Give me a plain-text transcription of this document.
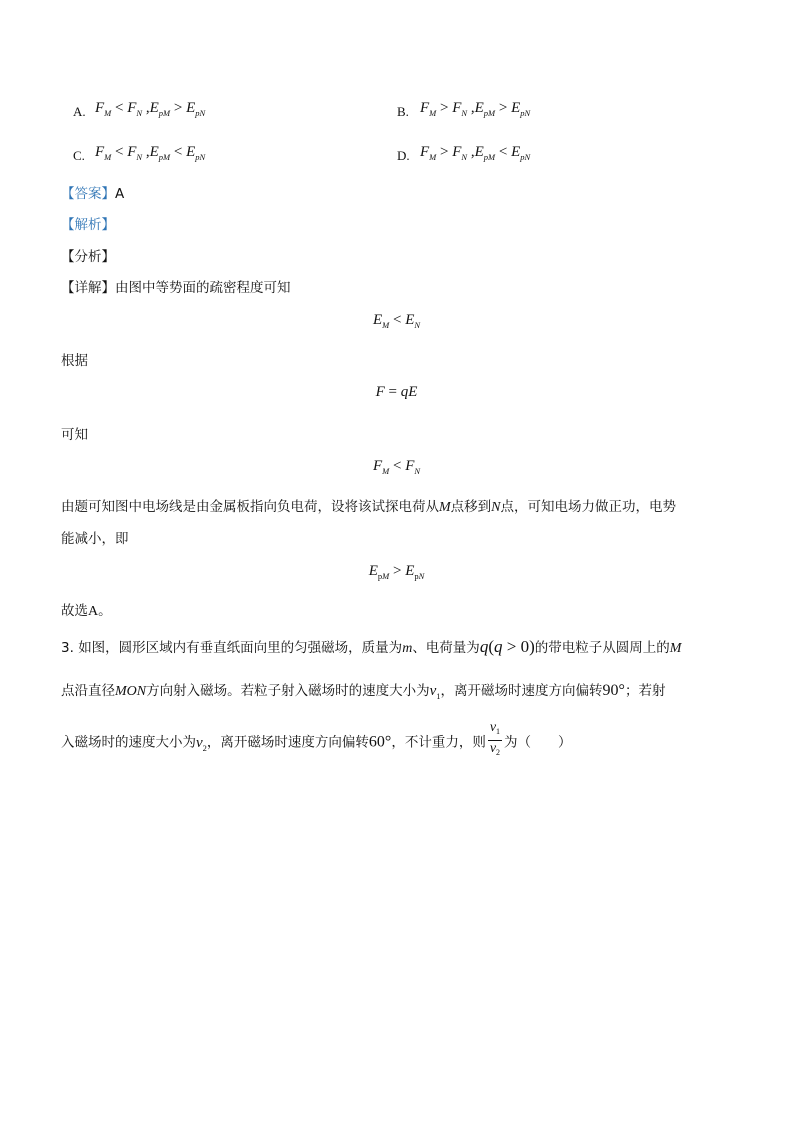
A. $F_M < F_N$ $,E_{pM} > E_{pN}$	B. $F_M > F_N$ $,E_{pM} > E_{pN}$
C. $F_M < F_N$ $,E_{pM} < E_{pN}$	D. $F_M > F_N$ $,E_{pM} < E_{pN}$
【答案】A
【解析】
【分析】
【详解】由图中等势面的疏密程度可知
$E_M < E_N$
根据
F = qE
可知
$F_M < F_N$
由题可知图中电场线是由金属板指向负电荷，设将该试探电荷从M点移到N点，可知电场力做正功，电势
能减小，即
$E_{pM} > E_{pN}$
故选A。
3. 如图，圆形区域内有垂直纸面向里的匀强磁场，质量为m、电荷量为q(q > 0)的带电粒子从圆周上的M
点沿直径MON方向射入磁场。若粒子射入磁场时的速度大小为$v_1$，离开磁场时速度方向偏转90°；若射
入磁场时的速度大小为$v_2$，离开磁场时速度方向偏转60°，不计重力，则 $\frac{v_1}{v_2}$ 为（　　）
